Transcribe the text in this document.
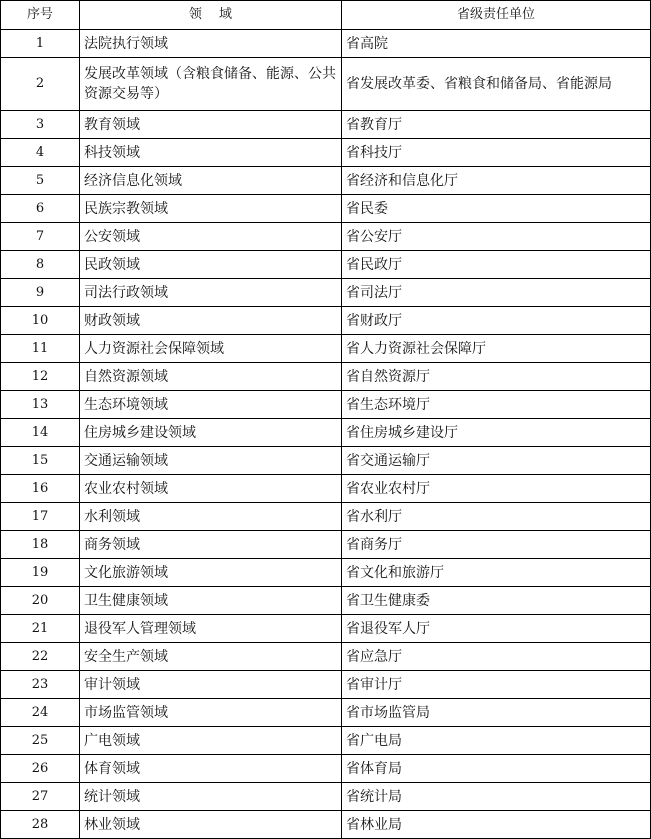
序号	领　 域	省级责任单位
1	法院执行领域	省高院
2	发展改革领域（含粮食储备、能源、公共资源交易等）	省发展改革委、省粮食和储备局、省能源局
3	教育领域	省教育厅
4	科技领域	省科技厅
5	经济信息化领域	省经济和信息化厅
6	民族宗教领域	省民委
7	公安领域	省公安厅
8	民政领域	省民政厅
9	司法行政领域	省司法厅
10	财政领域	省财政厅
11	人力资源社会保障领域	省人力资源社会保障厅
12	自然资源领域	省自然资源厅
13	生态环境领域	省生态环境厅
14	住房城乡建设领域	省住房城乡建设厅
15	交通运输领域	省交通运输厅
16	农业农村领域	省农业农村厅
17	水利领域	省水利厅
18	商务领域	省商务厅
19	文化旅游领域	省文化和旅游厅
20	卫生健康领域	省卫生健康委
21	退役军人管理领域	省退役军人厅
22	安全生产领域	省应急厅
23	审计领域	省审计厅
24	市场监管领域	省市场监管局
25	广电领域	省广电局
26	体育领域	省体育局
27	统计领域	省统计局
28	林业领域	省林业局
